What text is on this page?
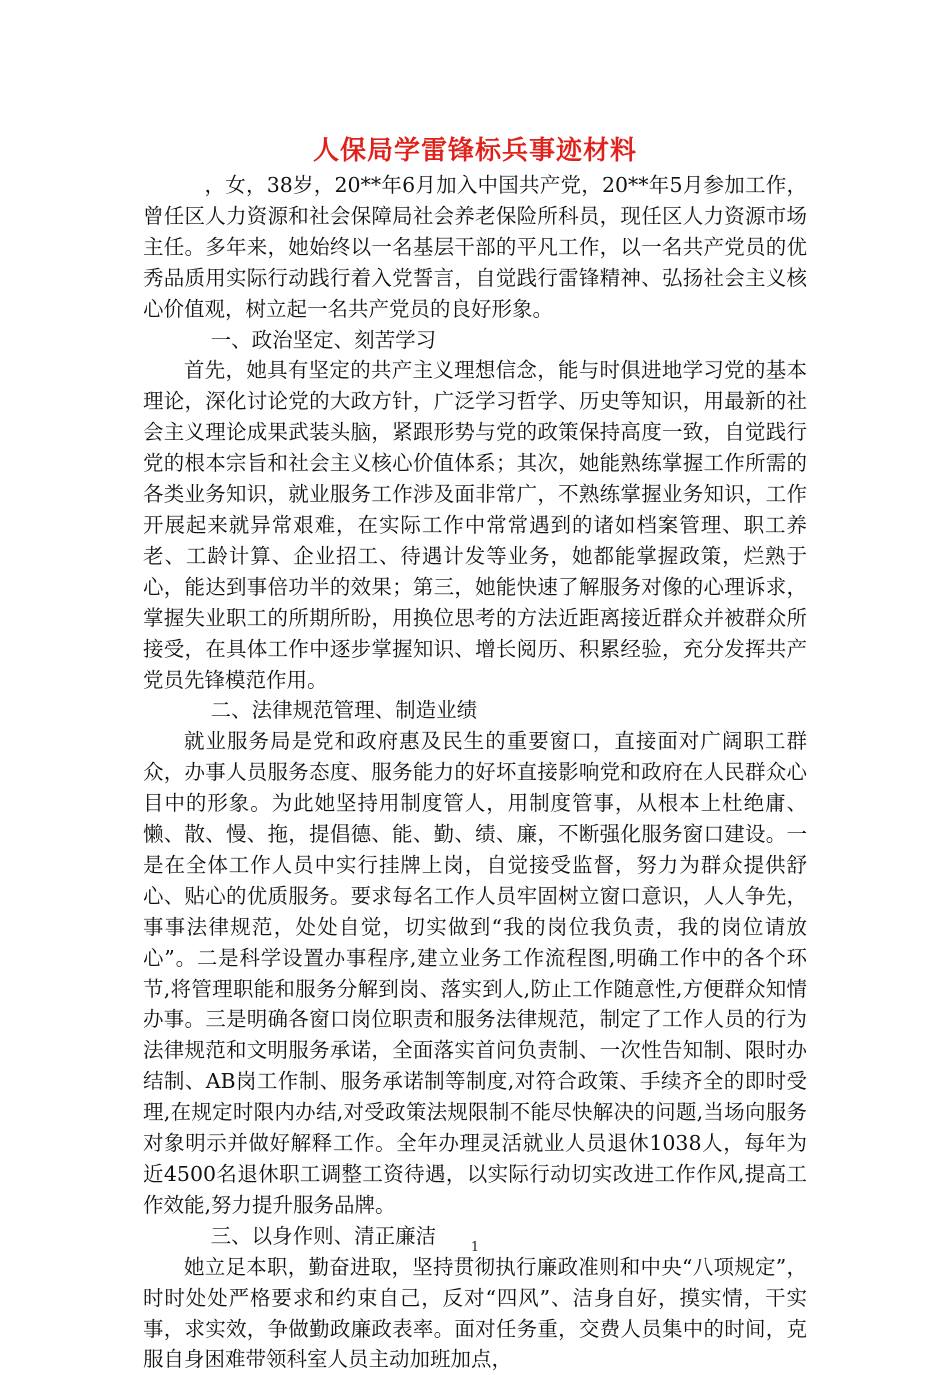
人保局学雷锋标兵事迹材料

，女，38岁，20**年6月加入中国共产党，20**年5月参加工作，曾任区人力资源和社会保障局社会养老保险所科员，现任区人力资源市场主任。多年来，她始终以一名基层干部的平凡工作，以一名共产党员的优秀品质用实际行动践行着入党誓言，自觉践行雷锋精神、弘扬社会主义核心价值观，树立起一名共产党员的良好形象。

一、政治坚定、刻苦学习

首先，她具有坚定的共产主义理想信念，能与时俱进地学习党的基本理论，深化讨论党的大政方针，广泛学习哲学、历史等知识，用最新的社会主义理论成果武装头脑，紧跟形势与党的政策保持高度一致，自觉践行党的根本宗旨和社会主义核心价值体系；其次，她能熟练掌握工作所需的各类业务知识，就业服务工作涉及面非常广，不熟练掌握业务知识，工作开展起来就异常艰难，在实际工作中常常遇到的诸如档案管理、职工养老、工龄计算、企业招工、待遇计发等业务，她都能掌握政策，烂熟于心，能达到事倍功半的效果；第三，她能快速了解服务对像的心理诉求，掌握失业职工的所期所盼，用换位思考的方法近距离接近群众并被群众所接受，在具体工作中逐步掌握知识、增长阅历、积累经验，充分发挥共产党员先锋模范作用。

二、法律规范管理、制造业绩

就业服务局是党和政府惠及民生的重要窗口，直接面对广阔职工群众，办事人员服务态度、服务能力的好坏直接影响党和政府在人民群众心目中的形象。为此她坚持用制度管人，用制度管事，从根本上杜绝庸、懒、散、慢、拖，提倡德、能、勤、绩、廉，不断强化服务窗口建设。一是在全体工作人员中实行挂牌上岗，自觉接受监督，努力为群众提供舒心、贴心的优质服务。要求每名工作人员牢固树立窗口意识，人人争先，事事法律规范，处处自觉，切实做到“我的岗位我负责，我的岗位请放心”。二是科学设置办事程序,建立业务工作流程图,明确工作中的各个环节,将管理职能和服务分解到岗、落实到人,防止工作随意性,方便群众知情办事。三是明确各窗口岗位职责和服务法律规范，制定了工作人员的行为法律规范和文明服务承诺，全面落实首问负责制、一次性告知制、限时办结制、AB岗工作制、服务承诺制等制度,对符合政策、手续齐全的即时受理,在规定时限内办结,对受政策法规限制不能尽快解决的问题,当场向服务对象明示并做好解释工作。全年办理灵活就业人员退休1038人，每年为近4500名退休职工调整工资待遇，以实际行动切实改进工作作风,提高工作效能,努力提升服务品牌。

三、以身作则、清正廉洁

她立足本职，勤奋进取，坚持贯彻执行廉政准则和中央“八项规定”，时时处处严格要求和约束自己，反对“四风”、洁身自好，摸实情，干实事，求实效，争做勤政廉政表率。面对任务重，交费人员集中的时间，克服自身困难带领科室人员主动加班加点，

1
